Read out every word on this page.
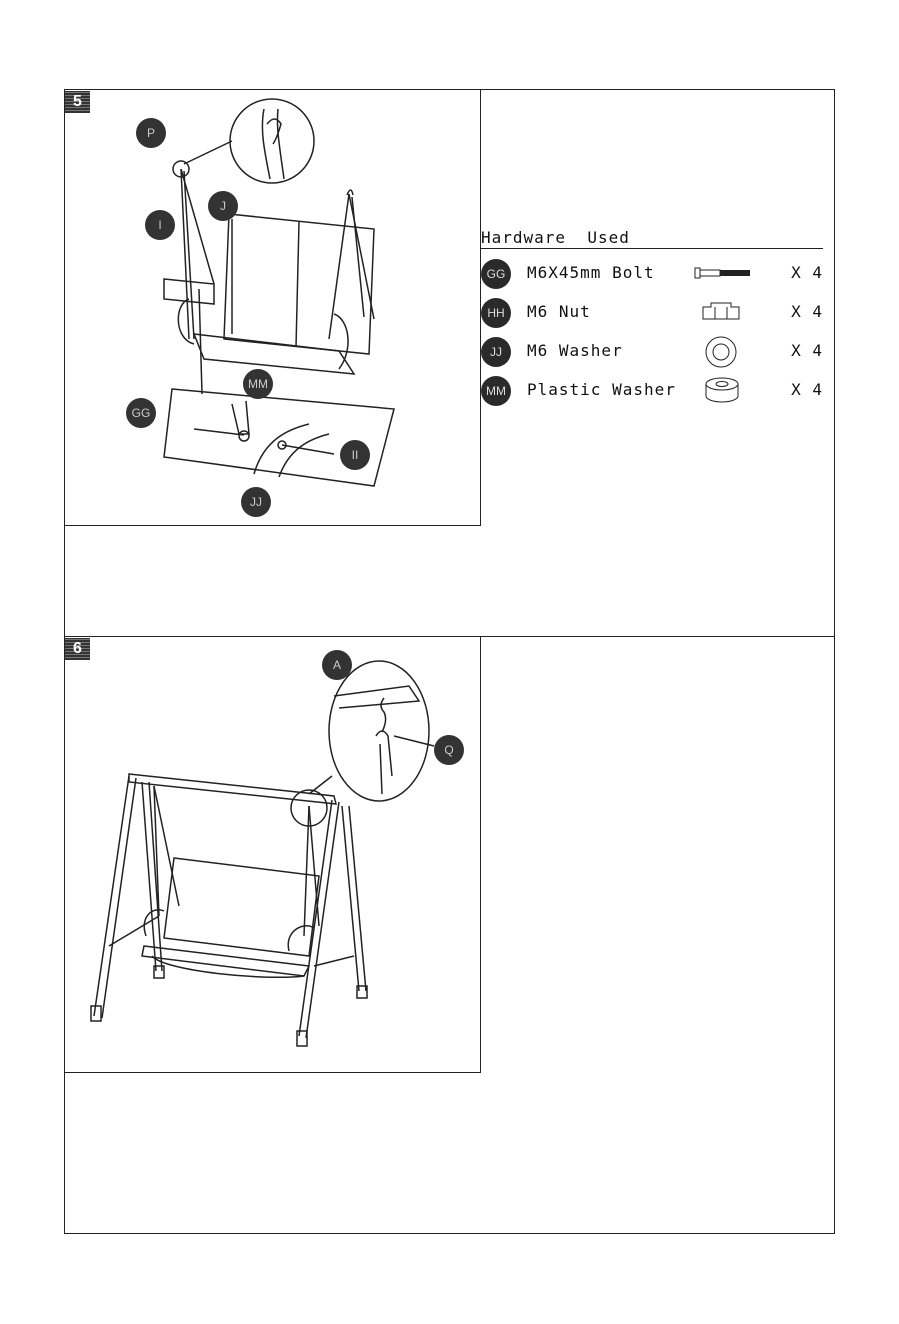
5
6
P
J
I
MM
GG
II
JJ
Hardware  Used
GG	M6X45mm Bolt	X 4
HH	M6 Nut	X 4
JJ	M6 Washer	X 4
MM	Plastic Washer	X 4
A
Q
